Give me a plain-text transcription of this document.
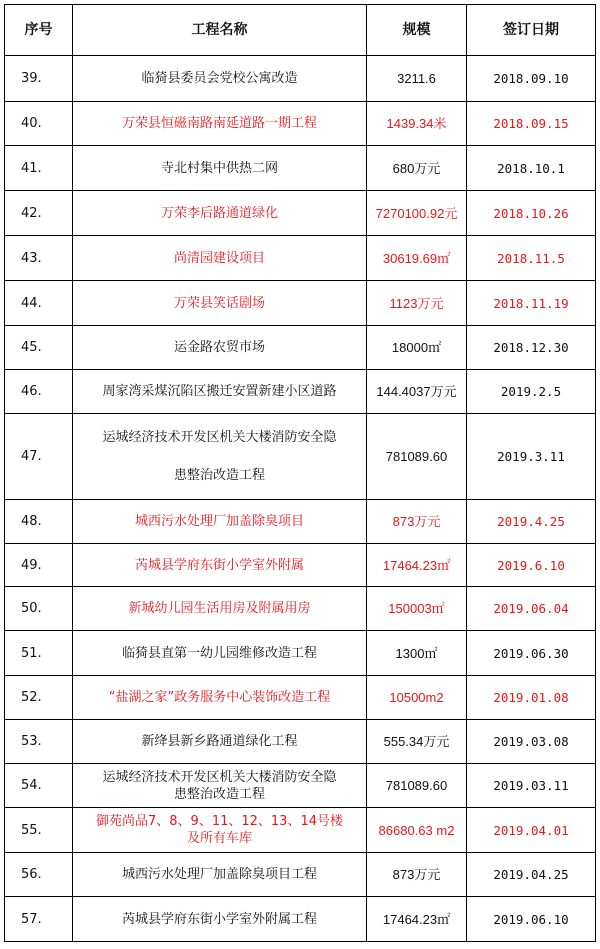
序号	工程名称	规模	签订日期
39.	临猗县委员会党校公寓改造	3211.6	2018.09.10
40.	万荣县恒磁南路南延道路一期工程	1439.34米	2018.09.15
41.	寺北村集中供热二网	680万元	2018.10.1
42.	万荣李后路通道绿化	7270100.92元	2018.10.26
43.	尚清园建设项目	30619.69㎡	2018.11.5
44.	万荣县笑话剧场	1123万元	2018.11.19
45.	运金路农贸市场	18000㎡	2018.12.30
46.	周家湾采煤沉陷区搬迁安置新建小区道路	144.4037万元	2019.2.5
47.	运城经济技术开发区机关大楼消防安全隐
患整治改造工程	781089.60	2019.3.11
48.	城西污水处理厂加盖除臭项目	873万元	2019.4.25
49.	芮城县学府东街小学室外附属	17464.23㎡	2019.6.10
50.	新城幼儿园生活用房及附属用房	150003㎡	2019.06.04
51.	临猗县直第一幼儿园维修改造工程	1300㎡	2019.06.30
52.	“盐湖之家”政务服务中心装饰改造工程	10500m2	2019.01.08
53.	新绛县新乡路通道绿化工程	555.34万元	2019.03.08
54.	运城经济技术开发区机关大楼消防安全隐
患整治改造工程	781089.60	2019.03.11
55.	御苑尚品7、8、9、11、12、13、14号楼
及所有车库	86680.63 m2	2019.04.01
56.	城西污水处理厂加盖除臭项目工程	873万元	2019.04.25
57.	芮城县学府东街小学室外附属工程	17464.23㎡	2019.06.10
